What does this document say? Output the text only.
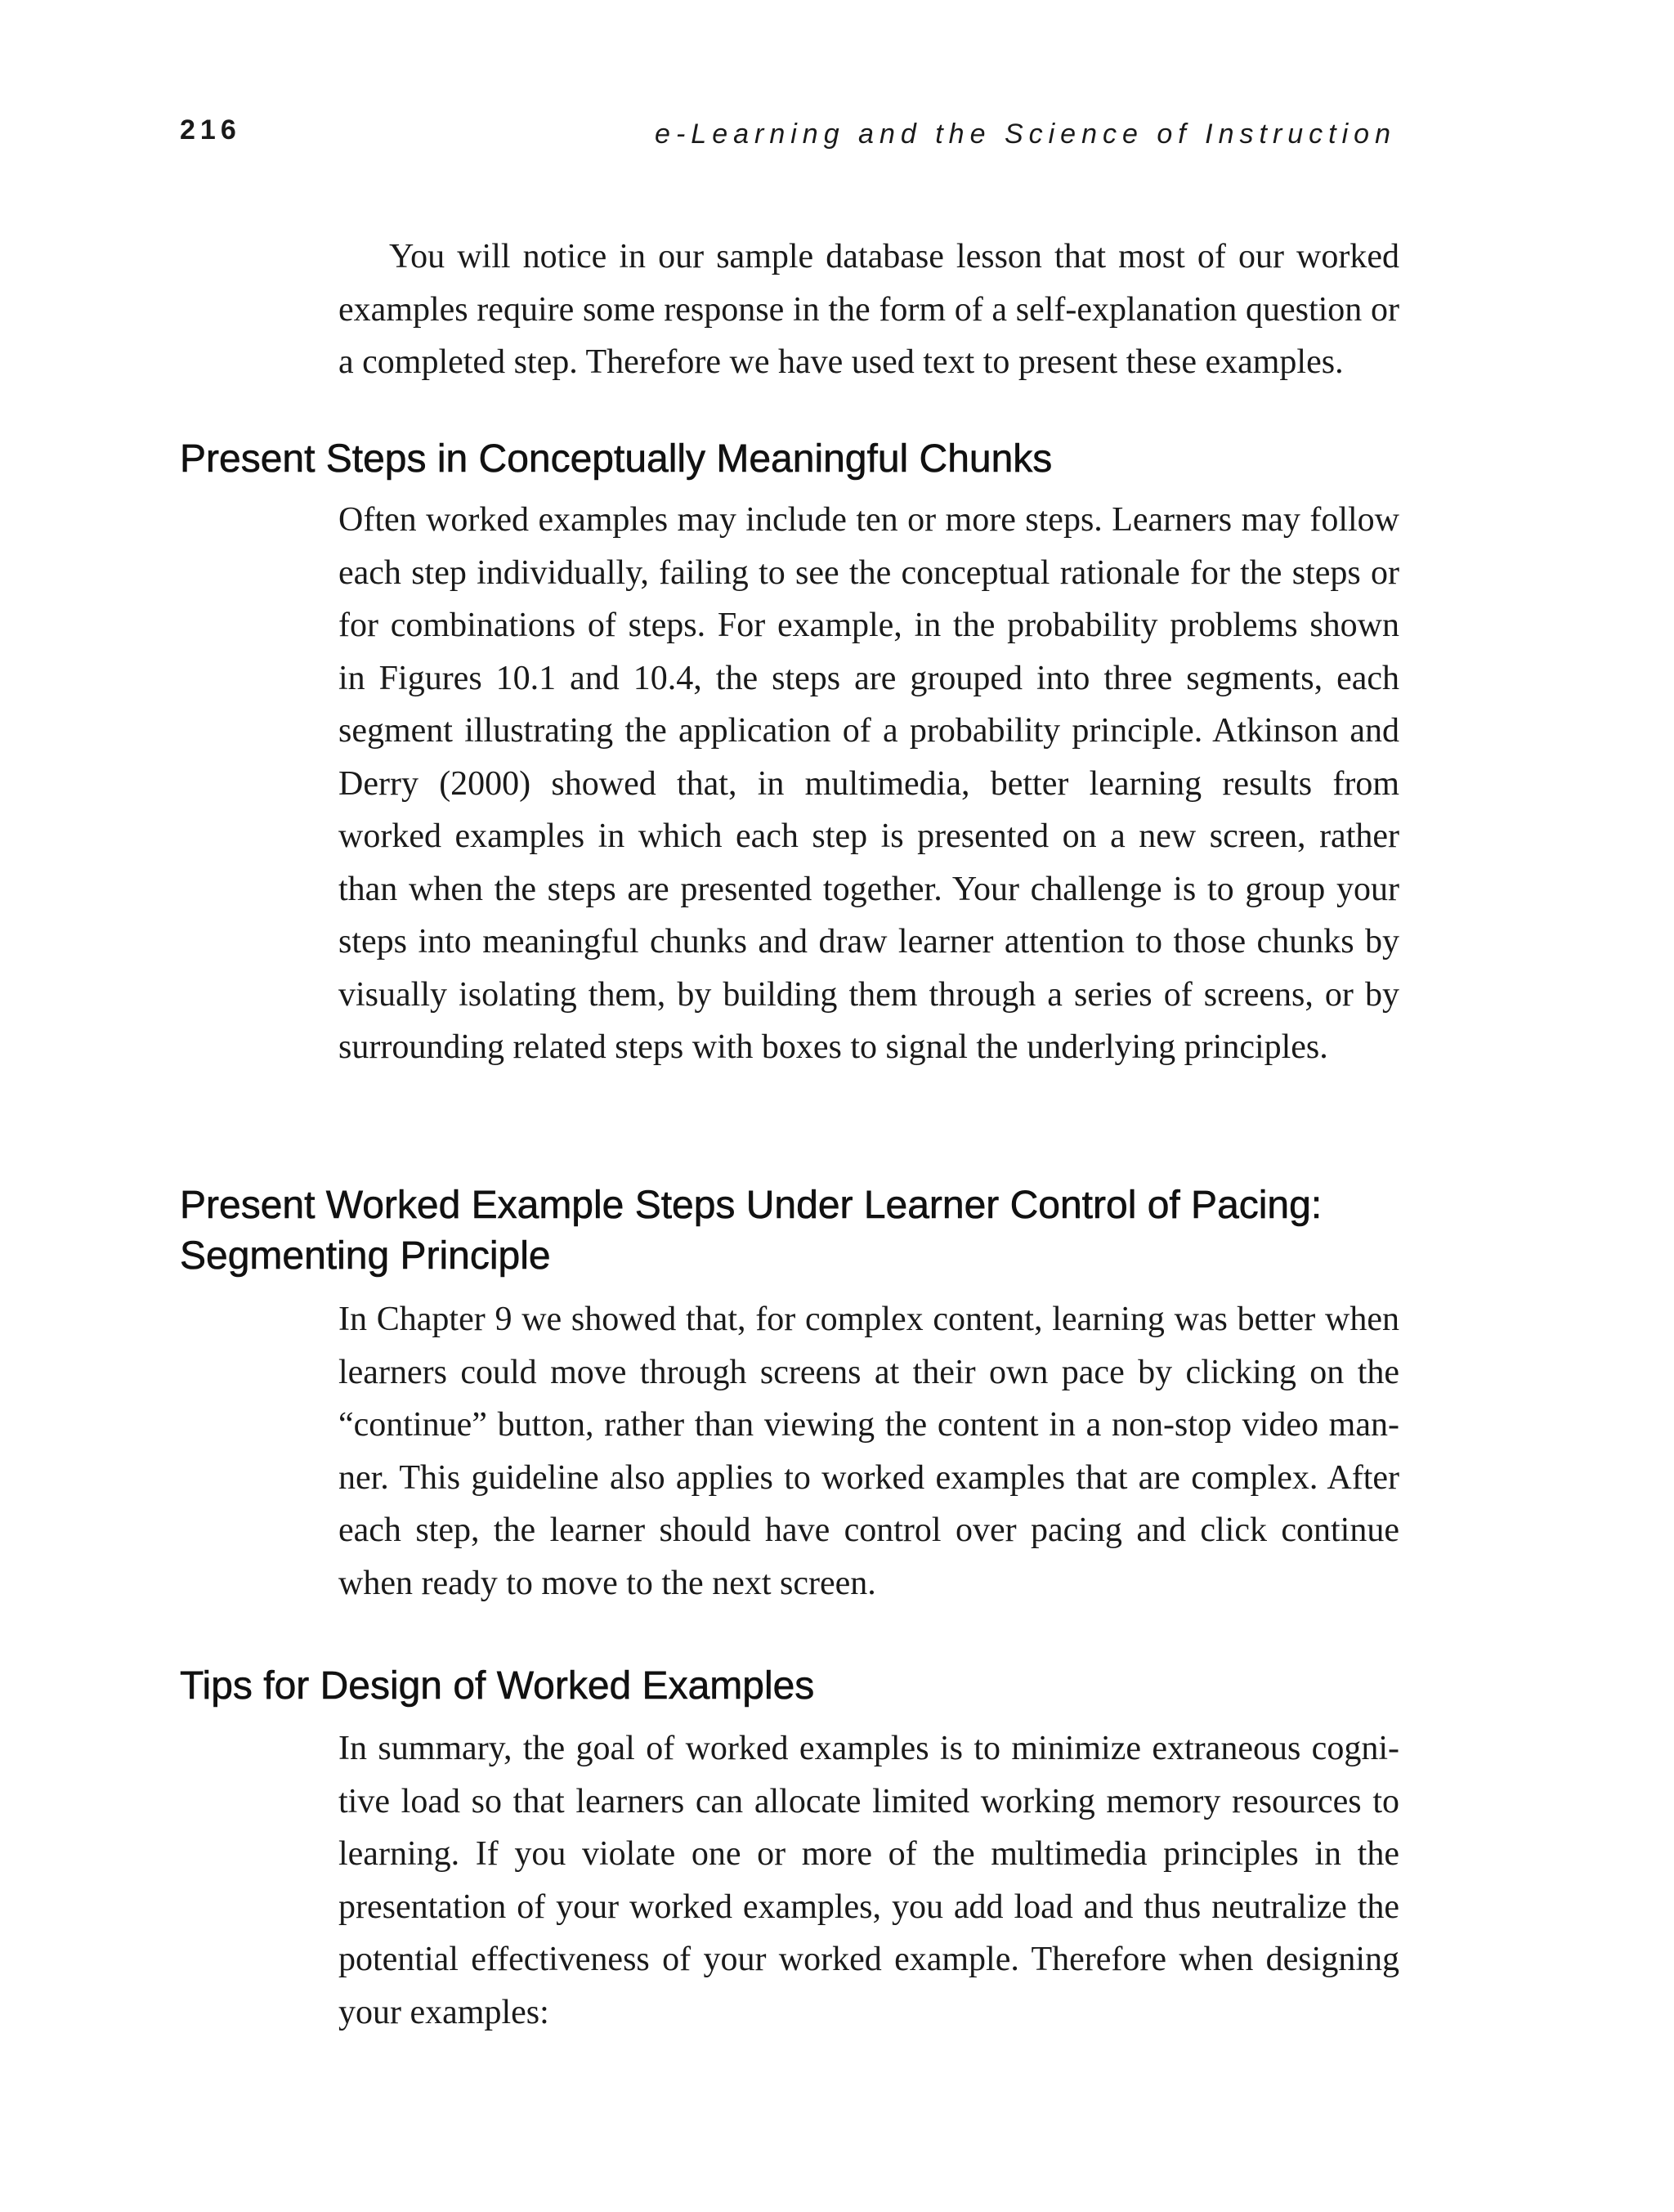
216	e-Learning and the Science of Instruction

You will notice in our sample database lesson that most of our worked examples require some response in the form of a self-explanation question or a completed step. Therefore we have used text to present these examples.

Present Steps in Conceptually Meaningful Chunks

Often worked examples may include ten or more steps. Learners may follow each step individually, failing to see the conceptual rationale for the steps or for combinations of steps. For example, in the probability problems shown in Figures 10.1 and 10.4, the steps are grouped into three segments, each segment illustrating the application of a probability principle. Atkinson and Derry (2000) showed that, in multimedia, better learning results from worked examples in which each step is presented on a new screen, rather than when the steps are presented together. Your challenge is to group your steps into meaningful chunks and draw learner attention to those chunks by visually isolating them, by building them through a series of screens, or by surrounding related steps with boxes to signal the underlying principles.

Present Worked Example Steps Under Learner Control of Pacing: Segmenting Principle

In Chapter 9 we showed that, for complex content, learning was better when learners could move through screens at their own pace by clicking on the “continue” button, rather than viewing the content in a non-stop video manner. This guideline also applies to worked examples that are complex. After each step, the learner should have control over pacing and click continue when ready to move to the next screen.

Tips for Design of Worked Examples

In summary, the goal of worked examples is to minimize extraneous cognitive load so that learners can allocate limited working memory resources to learning. If you violate one or more of the multimedia principles in the presentation of your worked examples, you add load and thus neutralize the potential effectiveness of your worked example. Therefore when designing your examples:
